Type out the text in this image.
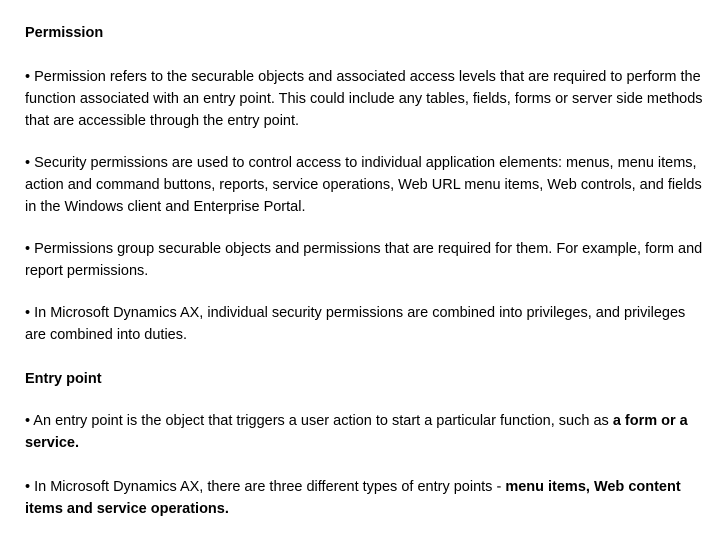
Permission
• Permission refers to the securable objects and associated access levels that are required to perform the function associated with an entry point. This could include any tables, fields, forms or server side methods that are accessible through the entry point.
• Security permissions are used to control access to individual application elements: menus, menu items, action and command buttons, reports, service operations, Web URL menu items, Web controls, and fields in the Windows client and Enterprise Portal.
• Permissions group securable objects and permissions that are required for them. For example, form and report permissions.
• In Microsoft Dynamics AX, individual security permissions are combined into privileges, and privileges are combined into duties.
Entry point
• An entry point is the object that triggers a user action to start a particular function, such as a form or a service.
• In Microsoft Dynamics AX, there are three different types of entry points - menu items, Web content items and service operations.
